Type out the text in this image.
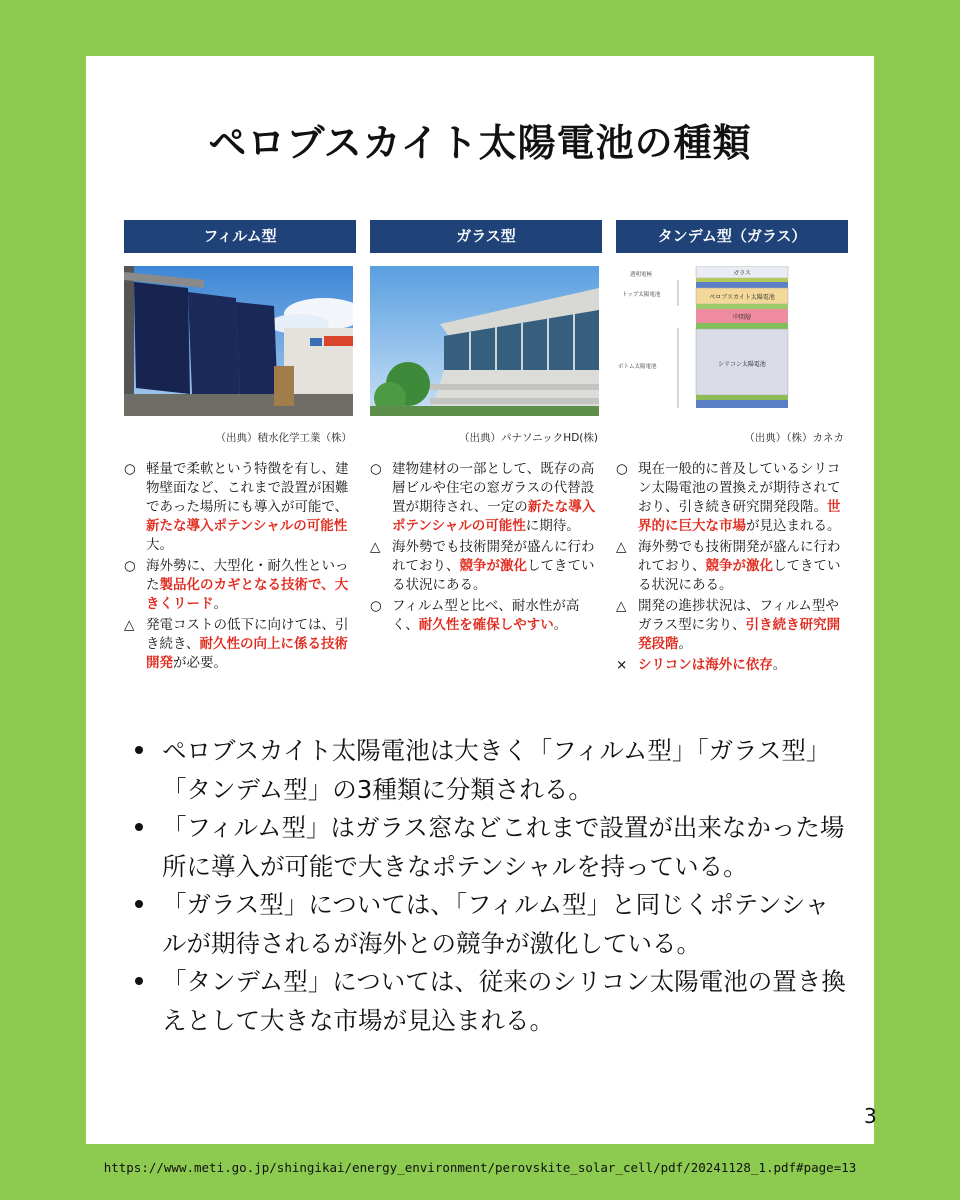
ペロブスカイト太陽電池の種類
フィルム型
（出典）積水化学工業（株）
○ 軽量で柔軟という特徴を有し、建物壁面など、これまで設置が困難であった場所にも導入が可能で、新たな導入ポテンシャルの可能性大。
○ 海外勢に、大型化・耐久性といった製品化のカギとなる技術で、大きくリード。
△ 発電コストの低下に向けては、引き続き、耐久性の向上に係る技術開発が必要。
ガラス型
（出典）パナソニックHD(株)
○ 建物建材の一部として、既存の高層ビルや住宅の窓ガラスの代替設置が期待され、一定の新たな導入ポテンシャルの可能性に期待。
△ 海外勢でも技術開発が盛んに行われており、競争が激化してきている状況にある。
○ フィルム型と比べ、耐水性が高く、耐久性を確保しやすい。
タンデム型（ガラス）
透明電極	ガラス
トップ太陽電池	ペロブスカイト太陽電池
中間層
ボトム太陽電池	シリコン太陽電池
（出典）（株）カネカ
○ 現在一般的に普及しているシリコン太陽電池の置換えが期待されており、引き続き研究開発段階。世界的に巨大な市場が見込まれる。
△ 海外勢でも技術開発が盛んに行われており、競争が激化してきている状況にある。
△ 開発の進捗状況は、フィルム型やガラス型に劣り、引き続き研究開発段階。
× シリコンは海外に依存。
ペロブスカイト太陽電池は大きく「フィルム型」「ガラス型」「タンデム型」の3種類に分類される。
「フィルム型」はガラス窓などこれまで設置が出来なかった場所に導入が可能で大きなポテンシャルを持っている。
「ガラス型」については、「フィルム型」と同じくポテンシャルが期待されるが海外との競争が激化している。
「タンデム型」については、従来のシリコン太陽電池の置き換えとして大きな市場が見込まれる。
3
https://www.meti.go.jp/shingikai/energy_environment/perovskite_solar_cell/pdf/20241128_1.pdf#page=13
